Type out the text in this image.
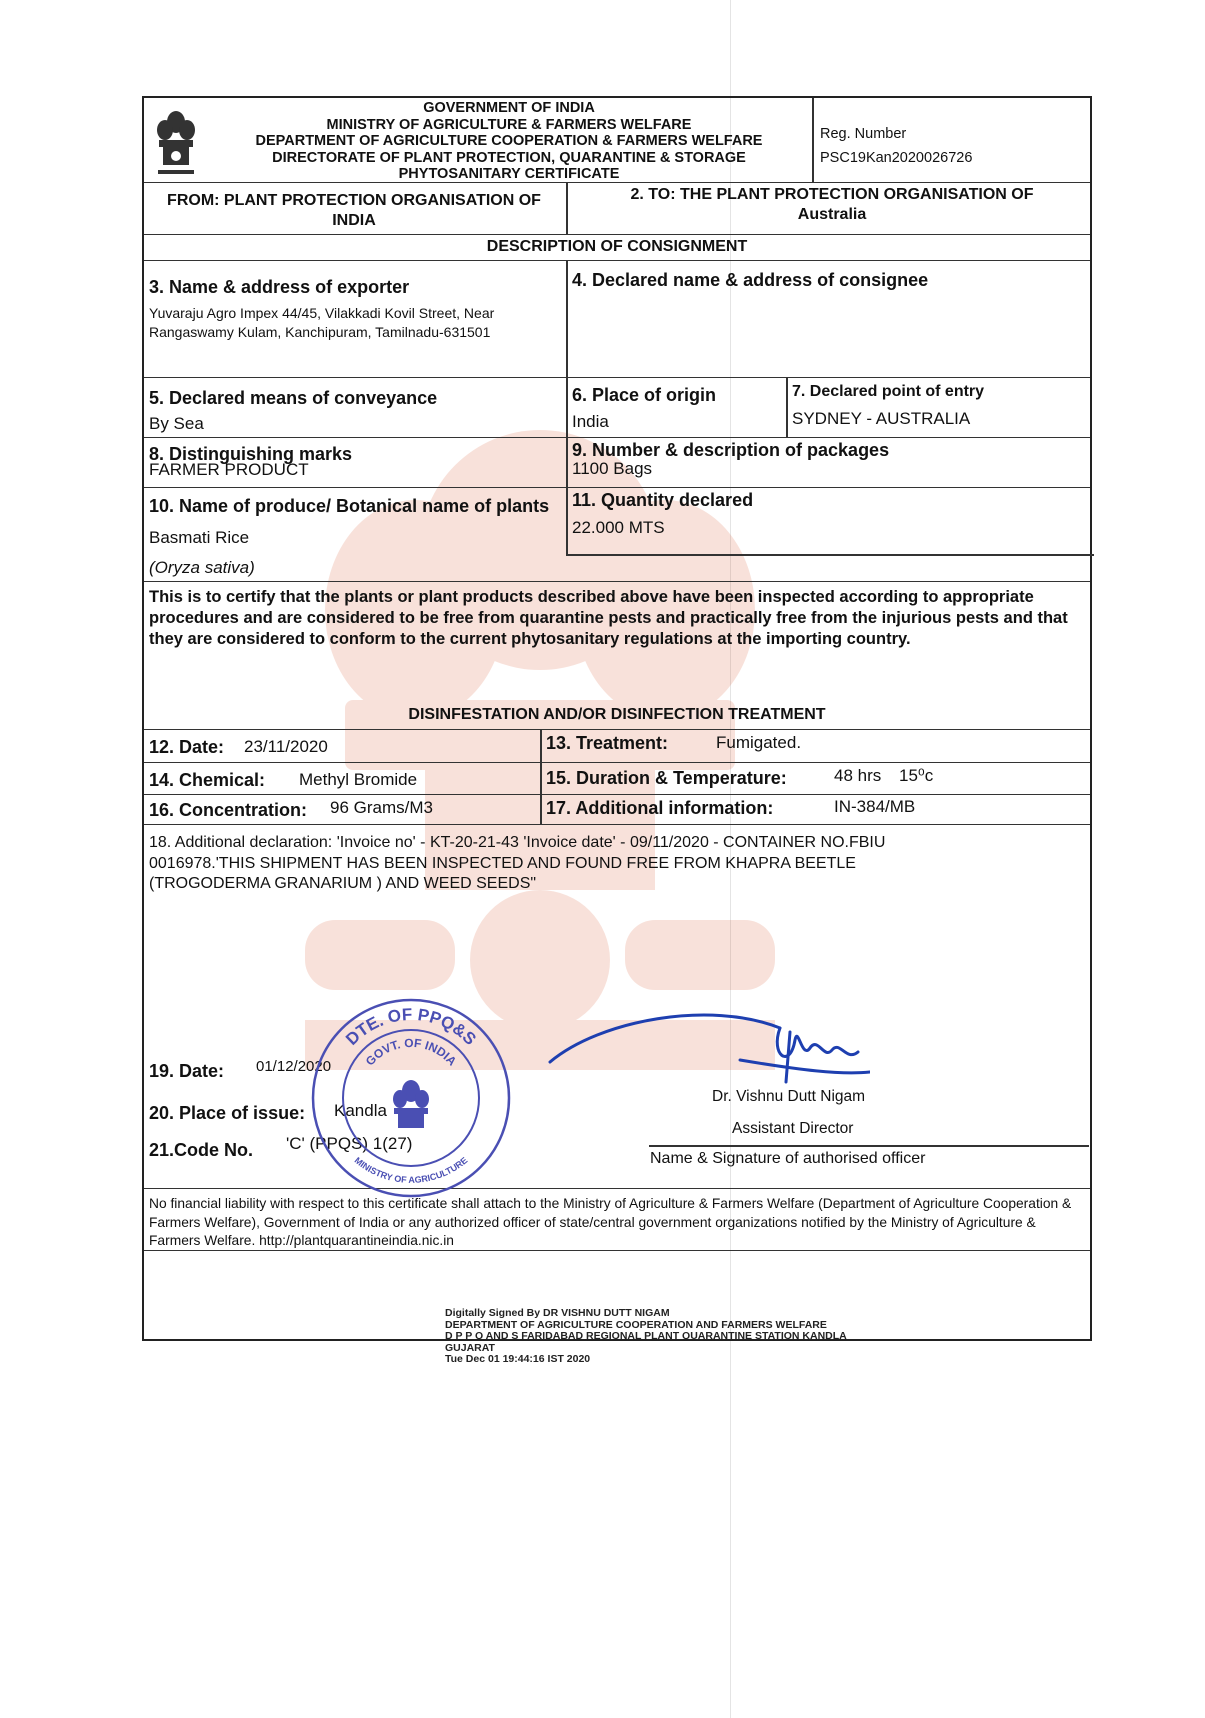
GOVERNMENT OF INDIA
MINISTRY OF AGRICULTURE & FARMERS WELFARE
DEPARTMENT OF AGRICULTURE COOPERATION & FARMERS WELFARE
DIRECTORATE OF PLANT PROTECTION, QUARANTINE & STORAGE
PHYTOSANITARY CERTIFICATE
Reg. Number
PSC19Kan2020026726
FROM: PLANT PROTECTION ORGANISATION OF
INDIA
2. TO: THE PLANT PROTECTION ORGANISATION OF
Australia
DESCRIPTION OF CONSIGNMENT
3. Name & address of exporter
Yuvaraju Agro Impex 44/45, Vilakkadi Kovil Street, Near
Rangaswamy Kulam, Kanchipuram, Tamilnadu-631501
4. Declared name & address of consignee
5. Declared means of conveyance
By Sea
6. Place of origin
India
7. Declared point of entry
SYDNEY - AUSTRALIA
8. Distinguishing marks
FARMER PRODUCT
9. Number & description of packages
1100 Bags
10. Name of produce/ Botanical name of plants
Basmati Rice
(Oryza sativa)
11. Quantity declared
22.000 MTS
This is to certify that the plants or plant products described above have been inspected according to appropriate procedures and are considered to be free from quarantine pests and practically free from the injurious pests and that they are considered to conform to the current phytosanitary regulations at the importing country.
DISINFESTATION AND/OR DISINFECTION TREATMENT
12. Date: 23/11/2020	13. Treatment:	Fumigated.
14. Chemical: Methyl Bromide	15. Duration & Temperature:	48 hrs 15⁰c
16. Concentration: 96 Grams/M3	17. Additional information:	IN-384/MB
18. Additional declaration: 'Invoice no' - KT-20-21-43 'Invoice date' - 09/11/2020 - CONTAINER NO.FBIU 0016978.'THIS SHIPMENT HAS BEEN INSPECTED AND FOUND FREE FROM KHAPRA BEETLE (TROGODERMA GRANARIUM ) AND WEED SEEDS"
19. Date: 01/12/2020
20. Place of issue: Kandla
21.Code No. 'C' (PPQS) 1(27)
Dr. Vishnu Dutt Nigam
Assistant Director
Name & Signature of authorised officer
No financial liability with respect to this certificate shall attach to the Ministry of Agriculture & Farmers Welfare (Department of Agriculture Cooperation & Farmers Welfare), Government of India or any authorized officer of state/central government organizations notified by the Ministry of Agriculture & Farmers Welfare. http://plantquarantineindia.nic.in
DTE. OF PPQ&S
GOVT. OF INDIA
MINISTRY OF AGRICULTURE
Digitally Signed By DR VISHNU DUTT NIGAM
DEPARTMENT OF AGRICULTURE COOPERATION AND FARMERS WELFARE
D P P Q AND S FARIDABAD REGIONAL PLANT QUARANTINE STATION KANDLA
GUJARAT
Tue Dec 01 19:44:16 IST 2020
